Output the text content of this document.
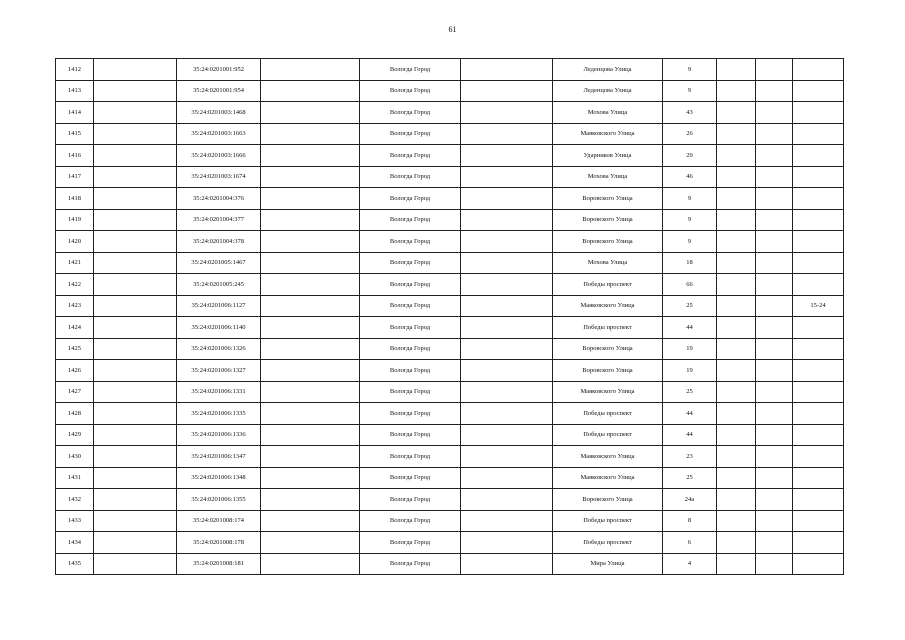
61
1412		35:24:0201001:952		Вологда Город		Леденцова Улица	9			
1413		35:24:0201001:954		Вологда Город		Леденцова Улица	9			
1414		35:24:0201003:1468		Вологда Город		Мохова Улица	43			
1415		35:24:0201003:1663		Вологда Город		Маяковского Улица	26			
1416		35:24:0201003:1666		Вологда Город		Ударников Улица	29			
1417		35:24:0201003:1674		Вологда Город		Мохова Улица	46			
1418		35:24:0201004:376		Вологда Город		Воровского Улица	9			
1419		35:24:0201004:377		Вологда Город		Воровского Улица	9			
1420		35:24:0201004:378		Вологда Город		Воровского Улица	9			
1421		35:24:0201005:1467		Вологда Город		Мохова Улица	18			
1422		35:24:0201005:245		Вологда Город		Победы проспект	66			
1423		35:24:0201006:1127		Вологда Город		Маяковского Улица	25			15-24
1424		35:24:0201006:1140		Вологда Город		Победы проспект	44			
1425		35:24:0201006:1326		Вологда Город		Воровского Улица	19			
1426		35:24:0201006:1327		Вологда Город		Воровского Улица	19			
1427		35:24:0201006:1331		Вологда Город		Маяковского Улица	25			
1428		35:24:0201006:1335		Вологда Город		Победы проспект	44			
1429		35:24:0201006:1336		Вологда Город		Победы проспект	44			
1430		35:24:0201006:1347		Вологда Город		Маяковского Улица	23			
1431		35:24:0201006:1348		Вологда Город		Маяковского Улица	25			
1432		35:24:0201006:1355		Вологда Город		Воровского Улица	24а			
1433		35:24:0201008:174		Вологда Город		Победы проспект	8			
1434		35:24:0201008:178		Вологда Город		Победы проспект	6			
1435		35:24:0201008:181		Вологда Город		Мира Улица	4			
